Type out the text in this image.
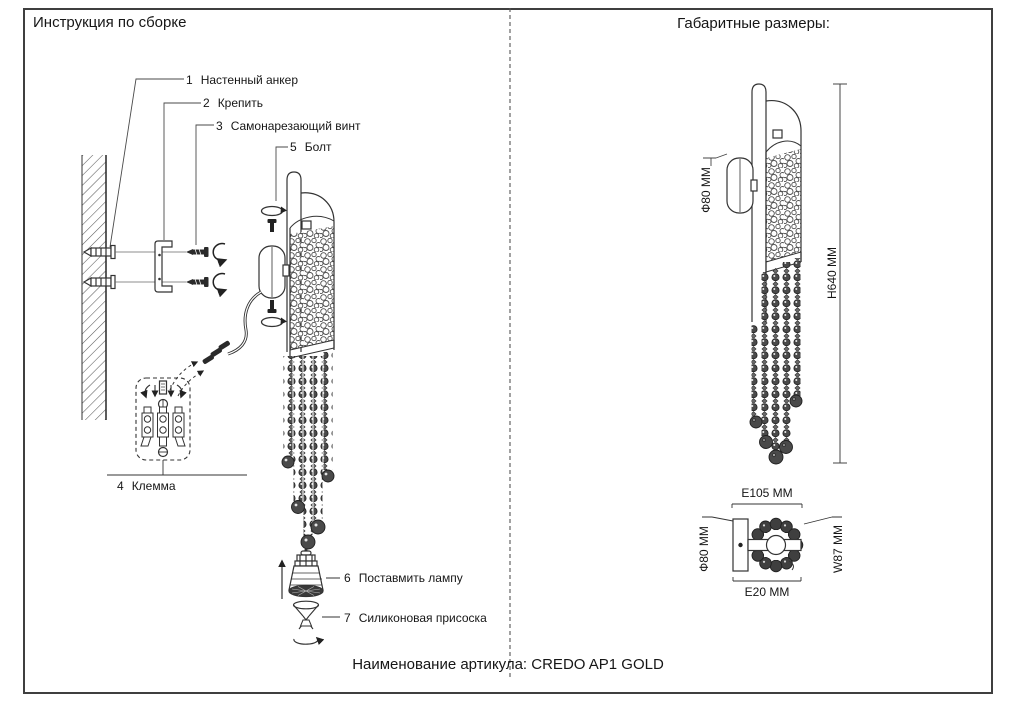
Инструкция по сборке	Габаритные размеры:
1 Настенный анкер
2 Крепить
3 Самонарезающий винт
5 Болт
4 Клемма
6 Поставмить лампу
7 Силиконовая присоска
Ф80 MM
H640 MM
E105 MM
Ф80 MM	W87 MM
E20 MM
Наименование артикула: CREDO AP1 GOLD
